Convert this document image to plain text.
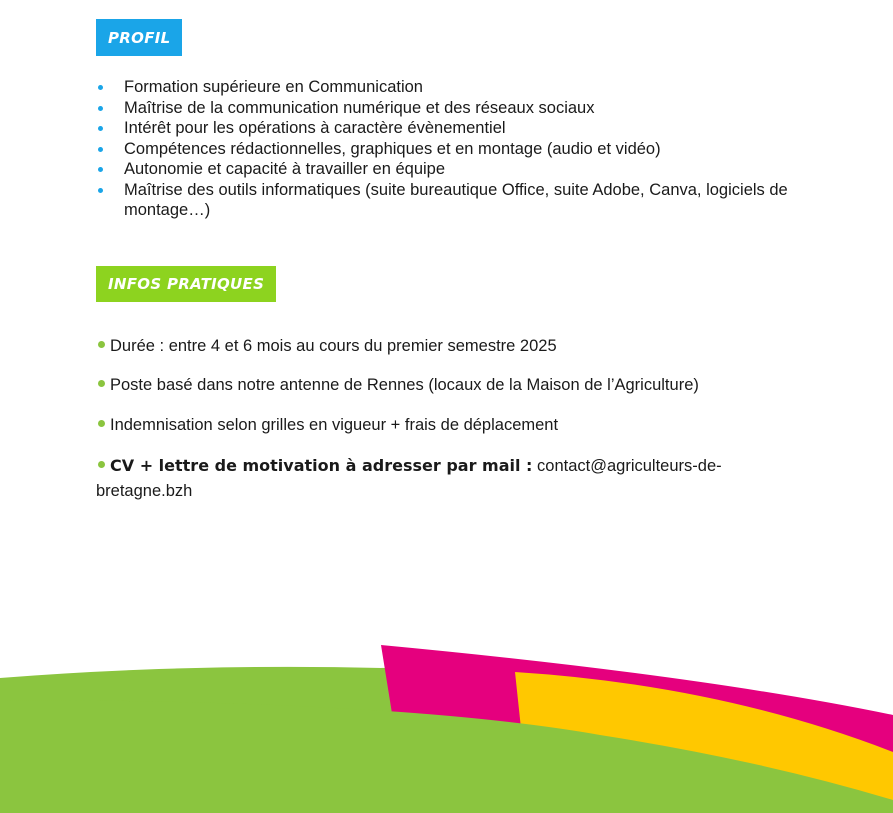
PROFIL
Formation supérieure en Communication
Maîtrise de la communication numérique et des réseaux sociaux
Intérêt pour les opérations à caractère évènementiel
Compétences rédactionnelles, graphiques et en montage (audio et vidéo)
Autonomie et capacité à travailler en équipe
Maîtrise des outils informatiques (suite bureautique Office, suite Adobe, Canva, logiciels de montage…)
INFOS PRATIQUES
Durée : entre 4 et 6 mois au cours du premier semestre 2025
Poste basé dans notre antenne de Rennes (locaux de la Maison de l’Agriculture)
Indemnisation selon grilles en vigueur + frais de déplacement
CV + lettre de motivation à adresser par mail : contact@agriculteurs-de-bretagne.bzh
